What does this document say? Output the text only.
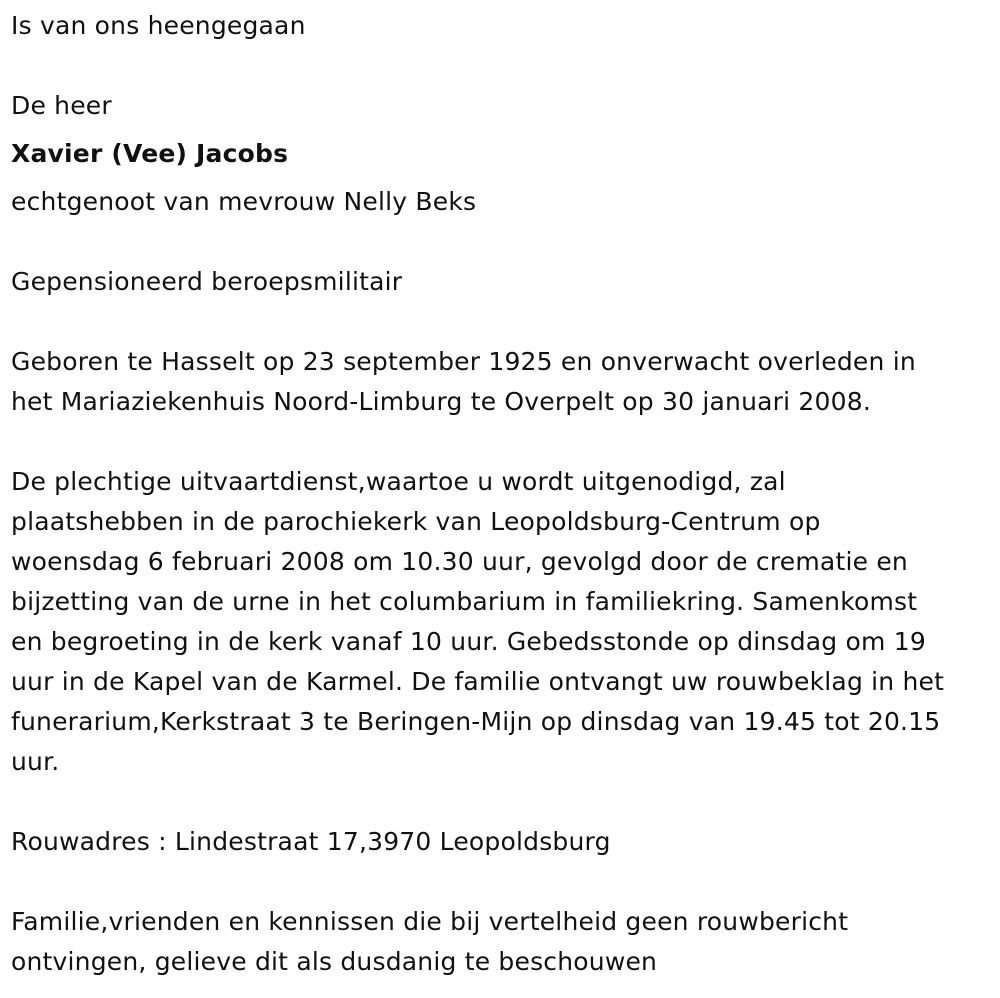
Is van ons heengegaan

De heer

Xavier (Vee) Jacobs

echtgenoot van mevrouw Nelly Beks

Gepensioneerd beroepsmilitair

Geboren te Hasselt op 23 september 1925 en onverwacht overleden in

het Mariaziekenhuis Noord-Limburg te Overpelt op 30 januari 2008.

De plechtige uitvaartdienst,waartoe u wordt uitgenodigd, zal

plaatshebben in de parochiekerk van Leopoldsburg-Centrum op

woensdag 6 februari 2008 om 10.30 uur, gevolgd door de crematie en

bijzetting van de urne in het columbarium in familiekring. Samenkomst

en begroeting in de kerk vanaf 10 uur. Gebedsstonde op dinsdag om 19

uur in de Kapel van de Karmel. De familie ontvangt uw rouwbeklag in het

funerarium,Kerkstraat 3 te Beringen-Mijn op dinsdag van 19.45 tot 20.15

uur.

Rouwadres : Lindestraat 17,3970 Leopoldsburg

Familie,vrienden en kennissen die bij vertelheid geen rouwbericht

ontvingen, gelieve dit als dusdanig te beschouwen
